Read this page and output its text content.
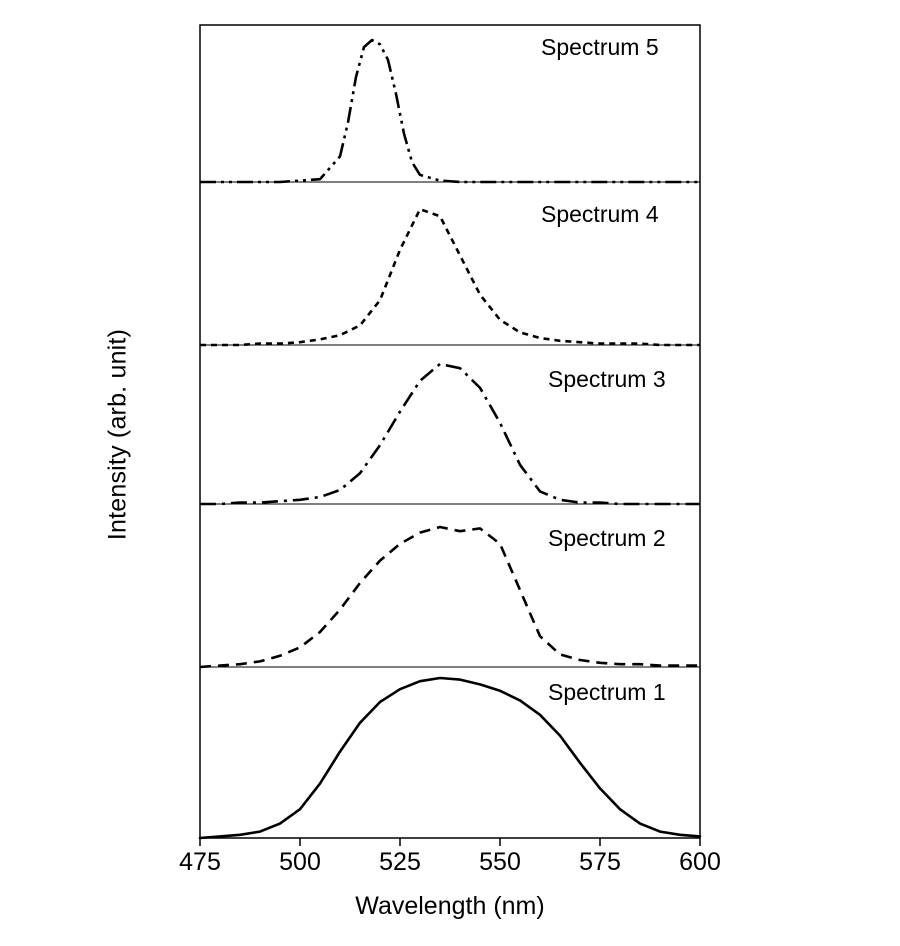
Intensity (arb. unit)
475	500	525	550	575	600
Wavelength (nm)
Spectrum 5
Spectrum 4
Spectrum 3
Spectrum 2
Spectrum 1
